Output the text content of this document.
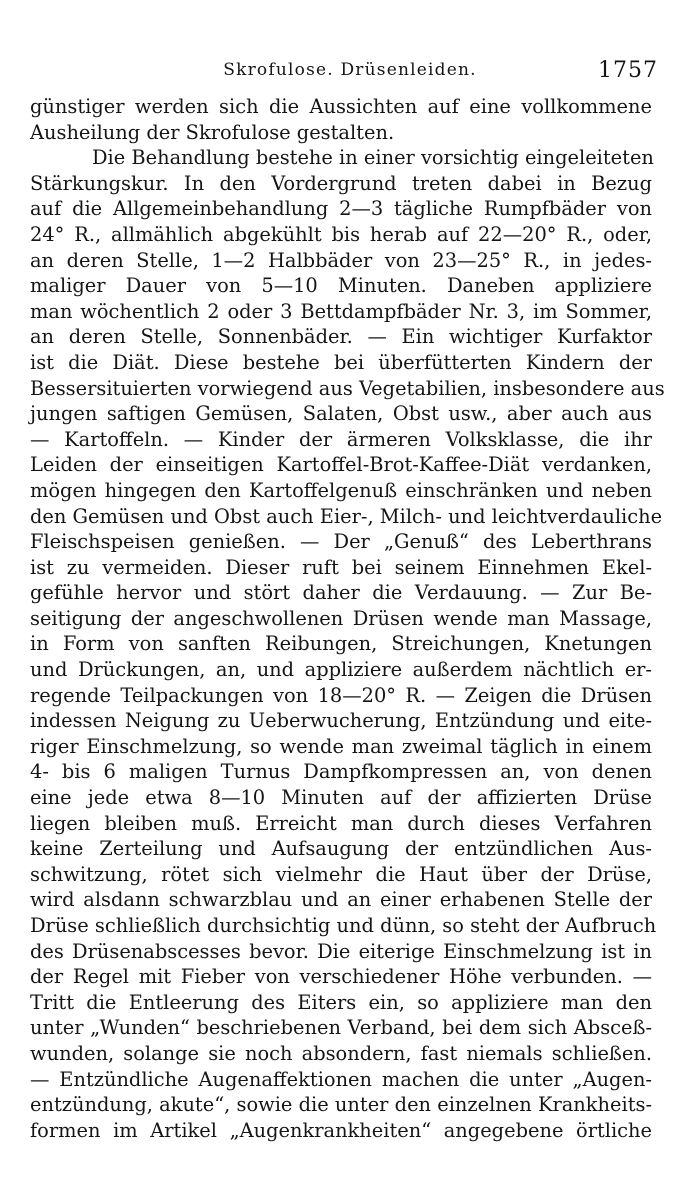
Skrofulose. Drüsenleiden.	1757
günstiger werden sich die Aussichten auf eine vollkommene
Ausheilung der Skrofulose gestalten.
Die Behandlung bestehe in einer vorsichtig eingeleiteten
Stärkungskur. In den Vordergrund treten dabei in Bezug
auf die Allgemeinbehandlung 2—3 tägliche Rumpfbäder von
24° R., allmählich abgekühlt bis herab auf 22—20° R., oder,
an deren Stelle, 1—2 Halbbäder von 23—25° R., in jedes-
maliger Dauer von 5—10 Minuten. Daneben appliziere
man wöchentlich 2 oder 3 Bettdampfbäder Nr. 3, im Sommer,
an deren Stelle, Sonnenbäder. — Ein wichtiger Kurfaktor
ist die Diät. Diese bestehe bei überfütterten Kindern der
Bessersituierten vorwiegend aus Vegetabilien, insbesondere aus
jungen saftigen Gemüsen, Salaten, Obst usw., aber auch aus
— Kartoffeln. — Kinder der ärmeren Volksklasse, die ihr
Leiden der einseitigen Kartoffel-Brot-Kaffee-Diät verdanken,
mögen hingegen den Kartoffelgenuß einschränken und neben
den Gemüsen und Obst auch Eier-, Milch- und leichtverdauliche
Fleischspeisen genießen. — Der „Genuß“ des Leberthrans
ist zu vermeiden. Dieser ruft bei seinem Einnehmen Ekel-
gefühle hervor und stört daher die Verdauung. — Zur Be-
seitigung der angeschwollenen Drüsen wende man Massage,
in Form von sanften Reibungen, Streichungen, Knetungen
und Drückungen, an, und appliziere außerdem nächtlich er-
regende Teilpackungen von 18—20° R. — Zeigen die Drüsen
indessen Neigung zu Ueberwucherung, Entzündung und eite-
riger Einschmelzung, so wende man zweimal täglich in einem
4- bis 6 maligen Turnus Dampfkompressen an, von denen
eine jede etwa 8—10 Minuten auf der affizierten Drüse
liegen bleiben muß. Erreicht man durch dieses Verfahren
keine Zerteilung und Aufsaugung der entzündlichen Aus-
schwitzung, rötet sich vielmehr die Haut über der Drüse,
wird alsdann schwarzblau und an einer erhabenen Stelle der
Drüse schließlich durchsichtig und dünn, so steht der Aufbruch
des Drüsenabscesses bevor. Die eiterige Einschmelzung ist in
der Regel mit Fieber von verschiedener Höhe verbunden. —
Tritt die Entleerung des Eiters ein, so appliziere man den
unter „Wunden“ beschriebenen Verband, bei dem sich Absceß-
wunden, solange sie noch absondern, fast niemals schließen.
— Entzündliche Augenaffektionen machen die unter „Augen-
entzündung, akute“, sowie die unter den einzelnen Krankheits-
formen im Artikel „Augenkrankheiten“ angegebene örtliche
